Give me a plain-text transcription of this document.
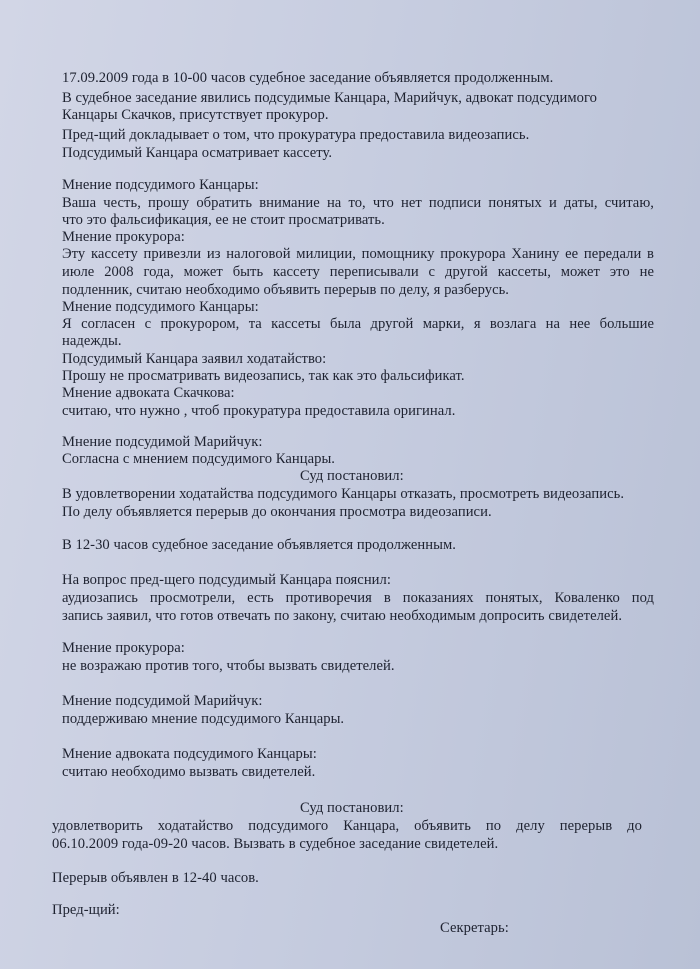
17.09.2009 года в 10-00 часов судебное заседание объявляется продолженным.
В судебное заседание явились подсудимые Канцара, Марийчук, адвокат подсудимого
Канцары Скачков, присутствует прокурор.
Пред-щий докладывает о том, что прокуратура предоставила видеозапись.
Подсудимый Канцара осматривает кассету.
Мнение подсудимого Канцары:
Ваша честь, прошу обратить внимание на то, что нет подписи понятых и даты, считаю,
что это фальсификация, ее не стоит просматривать.
Мнение прокурора:
Эту кассету привезли из налоговой милиции, помощнику прокурора Ханину ее передали в
июле 2008 года, может быть кассету переписывали с другой кассеты, может это не
подленник, считаю необходимо объявить перерыв по делу, я разберусь.
Мнение подсудимого Канцары:
Я согласен с прокурором, та кассеты была другой марки, я возлага на нее большие
надежды.
Подсудимый Канцара заявил ходатайство:
Прошу не просматривать видеозапись, так как это фальсификат.
Мнение адвоката Скачкова:
считаю, что нужно , чтоб прокуратура предоставила оригинал.
Мнение подсудимой Марийчук:
Согласна с мнением подсудимого Канцары.
Суд постановил:
В удовлетворении ходатайства подсудимого Канцары отказать, просмотреть видеозапись.
По делу объявляется перерыв до окончания просмотра видеозаписи.
В 12-30 часов судебное заседание объявляется продолженным.
На вопрос пред-щего подсудимый Канцара пояснил:
аудиозапись просмотрели, есть противоречия в показаниях понятых, Коваленко под
запись заявил, что готов отвечать по закону, считаю необходимым допросить свидетелей.
Мнение прокурора:
не возражаю против того, чтобы вызвать свидетелей.
Мнение подсудимой Марийчук:
поддерживаю мнение подсудимого Канцары.
Мнение адвоката подсудимого Канцары:
считаю необходимо вызвать свидетелей.
Суд постановил:
удовлетворить ходатайство подсудимого Канцара, объявить по делу перерыв до
06.10.2009 года-09-20 часов. Вызвать в судебное заседание свидетелей.
Перерыв объявлен в 12-40 часов.
Пред-щий:
Секретарь:
